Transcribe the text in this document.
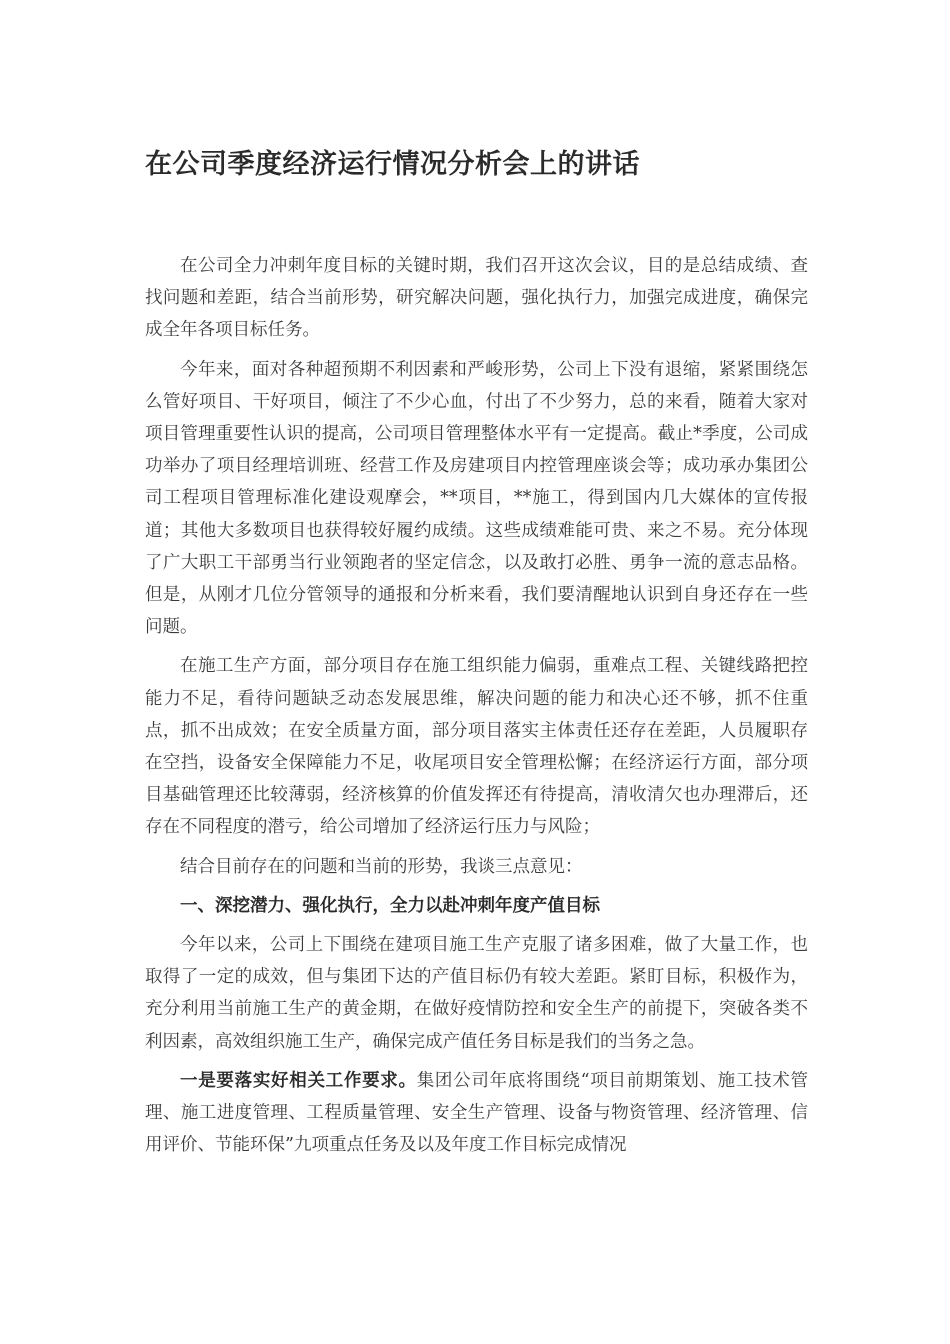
在公司季度经济运行情况分析会上的讲话

在公司全力冲刺年度目标的关键时期，我们召开这次会议，目的是总结成绩、查找问题和差距，结合当前形势，研究解决问题，强化执行力，加强完成进度，确保完成全年各项目标任务。

今年来，面对各种超预期不利因素和严峻形势，公司上下没有退缩，紧紧围绕怎么管好项目、干好项目，倾注了不少心血，付出了不少努力，总的来看，随着大家对项目管理重要性认识的提高，公司项目管理整体水平有一定提高。截止*季度，公司成功举办了项目经理培训班、经营工作及房建项目内控管理座谈会等；成功承办集团公司工程项目管理标准化建设观摩会，**项目，**施工，得到国内几大媒体的宣传报道；其他大多数项目也获得较好履约成绩。这些成绩难能可贵、来之不易。充分体现了广大职工干部勇当行业领跑者的坚定信念，以及敢打必胜、勇争一流的意志品格。但是，从刚才几位分管领导的通报和分析来看，我们要清醒地认识到自身还存在一些问题。

在施工生产方面，部分项目存在施工组织能力偏弱，重难点工程、关键线路把控能力不足，看待问题缺乏动态发展思维，解决问题的能力和决心还不够，抓不住重点，抓不出成效；在安全质量方面，部分项目落实主体责任还存在差距，人员履职存在空挡，设备安全保障能力不足，收尾项目安全管理松懈；在经济运行方面，部分项目基础管理还比较薄弱，经济核算的价值发挥还有待提高，清收清欠也办理滞后，还存在不同程度的潜亏，给公司增加了经济运行压力与风险；

结合目前存在的问题和当前的形势，我谈三点意见：

一、深挖潜力、强化执行，全力以赴冲刺年度产值目标

今年以来，公司上下围绕在建项目施工生产克服了诸多困难，做了大量工作，也取得了一定的成效，但与集团下达的产值目标仍有较大差距。紧盯目标，积极作为，充分利用当前施工生产的黄金期，在做好疫情防控和安全生产的前提下，突破各类不利因素，高效组织施工生产，确保完成产值任务目标是我们的当务之急。

一是要落实好相关工作要求。集团公司年底将围绕“项目前期策划、施工技术管理、施工进度管理、工程质量管理、安全生产管理、设备与物资管理、经济管理、信用评价、节能环保”九项重点任务及以及年度工作目标完成情况
